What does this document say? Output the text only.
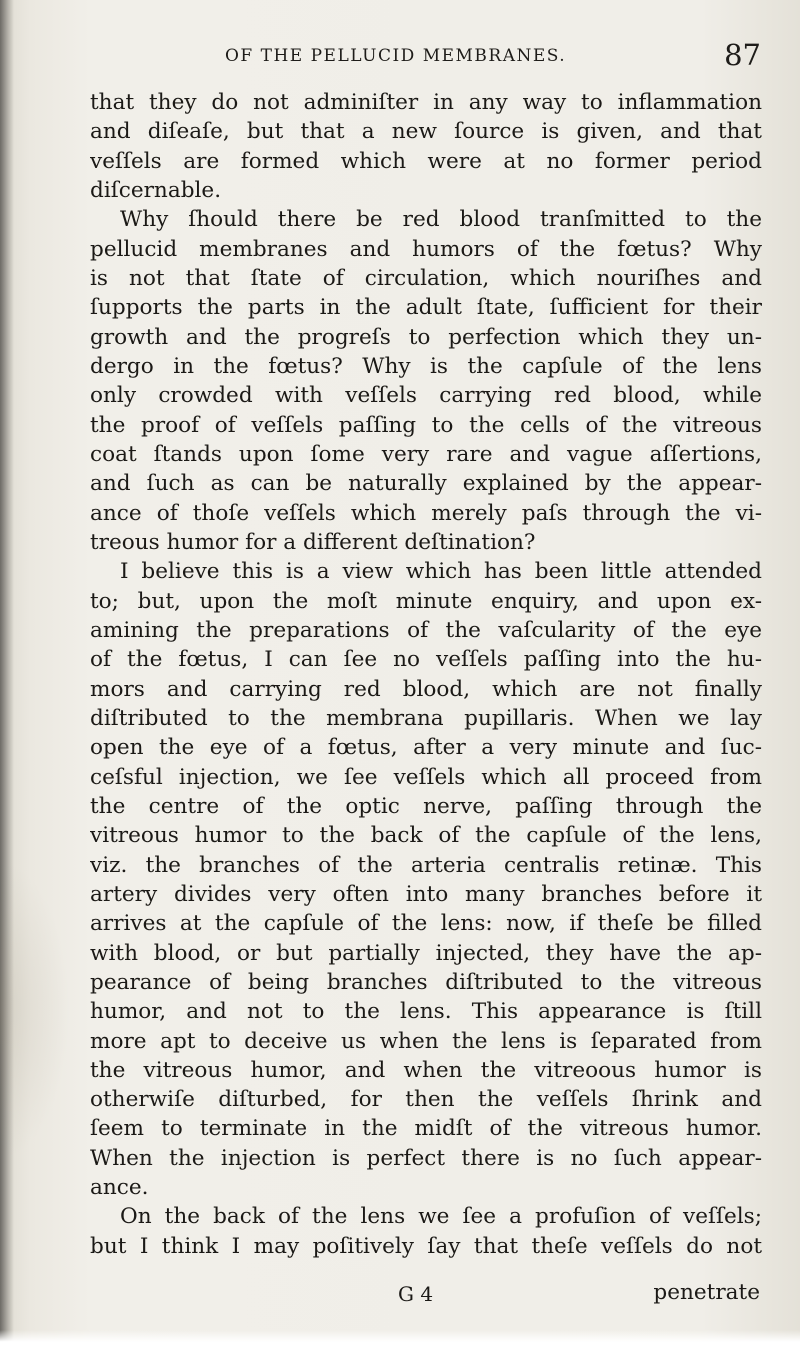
OF THE PELLUCID MEMBRANES.	87
that they do not adminiſter in any way to inflammation
and diſeaſe, but that a new ſource is given, and that
veſſels are formed which were at no former period
diſcernable.
Why ſhould there be red blood tranſmitted to the
pellucid membranes and humors of the fœtus? Why
is not that ſtate of circulation, which nouriſhes and
ſupports the parts in the adult ſtate, ſufficient for their
growth and the progreſs to perfection which they un-
dergo in the fœtus? Why is the capſule of the lens
only crowded with veſſels carrying red blood, while
the proof of veſſels paſſing to the cells of the vitreous
coat ſtands upon ſome very rare and vague aſſertions,
and ſuch as can be naturally explained by the appear-
ance of thoſe veſſels which merely paſs through the vi-
treous humor for a different deſtination?
I believe this is a view which has been little attended
to; but, upon the moſt minute enquiry, and upon ex-
amining the preparations of the vaſcularity of the eye
of the fœtus, I can ſee no veſſels paſſing into the hu-
mors and carrying red blood, which are not finally
diſtributed to the membrana pupillaris. When we lay
open the eye of a fœtus, after a very minute and ſuc-
ceſsful injection, we ſee veſſels which all proceed from
the centre of the optic nerve, paſſing through the
vitreous humor to the back of the capſule of the lens,
viz. the branches of the arteria centralis retinæ. This
artery divides very often into many branches before it
arrives at the capſule of the lens: now, if theſe be filled
with blood, or but partially injected, they have the ap-
pearance of being branches diſtributed to the vitreous
humor, and not to the lens. This appearance is ſtill
more apt to deceive us when the lens is ſeparated from
the vitreous humor, and when the vitreoous humor is
otherwiſe diſturbed, for then the veſſels ſhrink and
ſeem to terminate in the midſt of the vitreous humor.
When the injection is perfect there is no ſuch appear-
ance.
On the back of the lens we ſee a profuſion of veſſels;
but I think I may poſitively ſay that theſe veſſels do not
G 4	penetrate
